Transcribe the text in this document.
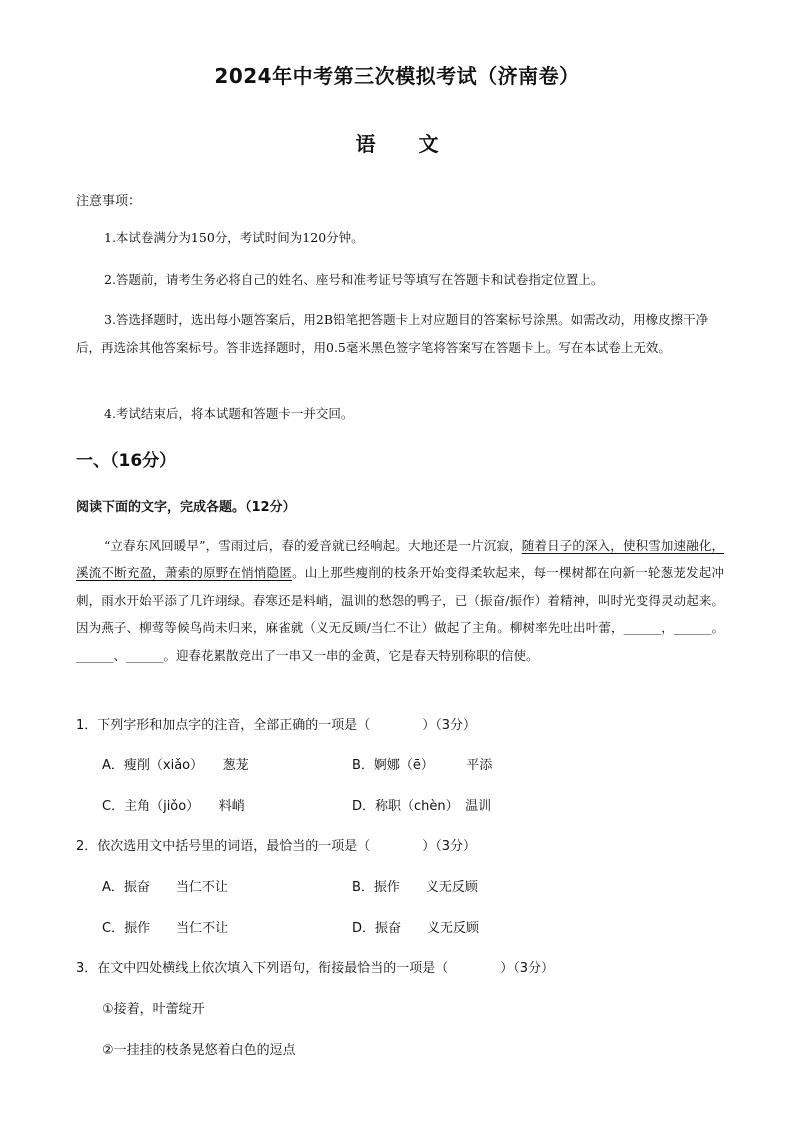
2024年中考第三次模拟考试（济南卷）
语 文
注意事项：
1.本试卷满分为150分，考试时间为120分钟。
2.答题前，请考生务必将自己的姓名、座号和准考证号等填写在答题卡和试卷指定位置上。
3.答选择题时，选出每小题答案后，用2B铅笔把答题卡上对应题目的答案标号涂黑。如需改动，用橡皮擦干净后，再选涂其他答案标号。答非选择题时，用0.5毫米黑色签字笔将答案写在答题卡上。写在本试卷上无效。
4.考试结束后，将本试题和答题卡一并交回。
一、（16分）
阅读下面的文字，完成各题。（12分）
“立春东风回暖早”，雪雨过后，春的爱音就已经响起。大地还是一片沉寂，随着日子的深入，使积雪加速融化，溪流不断充盈，萧索的原野在悄悄隐匿。山上那些瘦削的枝条开始变得柔软起来，每一棵树都在向新一轮葱茏发起冲刺，雨水开始平添了几许翊绿。春寒还是料峭，温训的愁怨的鸭子，已（振奋/振作）着精神，叫时光变得灵动起来。因为燕子、柳莺等候鸟尚未归来，麻雀就（义无反顾/当仁不让）做起了主角。柳树率先吐出叶蕾，______，______。______、______。迎春花累散竞出了一串又一串的金黄，它是春天特别称职的信使。
1．下列字形和加点字的注音，全部正确的一项是（　　　　）（3分）
A．瘦削（xiǎo）　　葱茏	B．婀娜（ē）　　　平添
C．主角（jiǒo）　　料峭	D．称职（chèn）　温训
2．依次选用文中括号里的词语，最恰当的一项是（　　　　）（3分）
A．振奋　　当仁不让	B．振作　　义无反顾
C．振作　　当仁不让	D．振奋　　义无反顾
3．在文中四处横线上依次填入下列语句，衔接最恰当的一项是（　　　　）（3分）
①接着，叶蕾绽开
②一挂挂的枝条晃悠着白色的逗点
